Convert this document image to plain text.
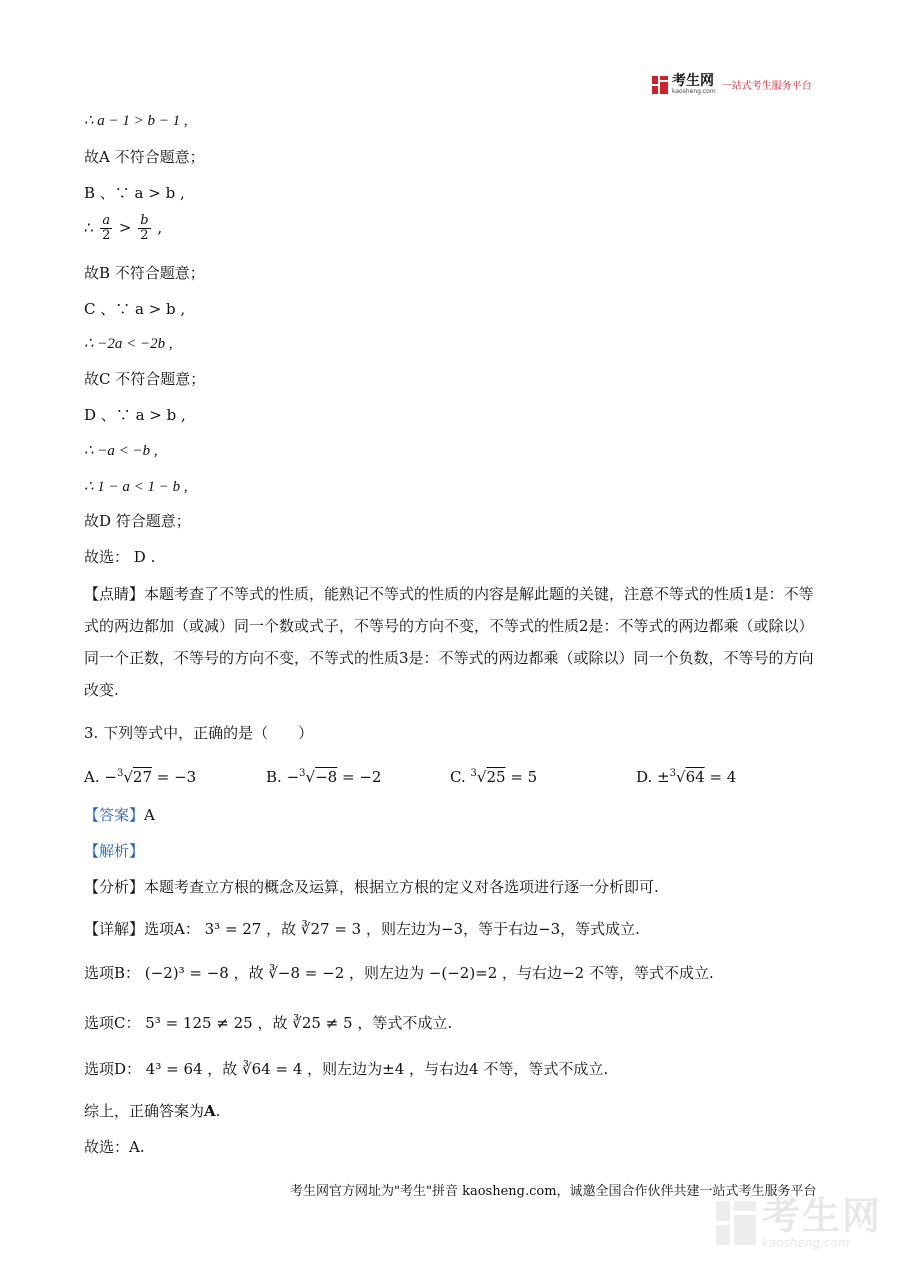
考生网
kaosheng.com 一站式考生服务平台
∴ a − 1 > b − 1 ,
故A 不符合题意；
B 、∵ a > b ,
∴ $\frac{a}{2} > \frac{b}{2}$ ,
故B 不符合题意；
C 、∵ a > b ,
∴ −2a < −2b ,
故C 不符合题意；
D 、∵ a > b ,
∴ −a < −b ,
∴ 1 − a < 1 − b ,
故D 符合题意；
故选： D .
【点睛】本题考查了不等式的性质，能熟记不等式的性质的内容是解此题的关键，注意不等式的性质1是：不等式的两边都加（或减）同一个数或式子，不等号的方向不变，不等式的性质2是：不等式的两边都乘（或除以）同一个正数，不等号的方向不变，不等式的性质3是：不等式的两边都乘（或除以）同一个负数，不等号的方向改变.
3. 下列等式中，正确的是（　　）
A. −$^3$√27 = −3	B. −$^3$√−8 = −2	C. $^3$√25 = 5	D. ±$^3$√64 = 4
【答案】A
【解析】
【分析】本题考查立方根的概念及运算，根据立方根的定义对各选项进行逐一分析即可.
【详解】选项A： 3³ = 27 ，故 ∛27 = 3 ，则左边为−3，等于右边−3，等式成立.
选项B： (−2)³ = −8 ，故 ∛−8 = −2 ，则左边为 −(−2)=2 ，与右边−2 不等，等式不成立.
选项C： 5³ = 125 ≠ 25 ，故 ∛25 ≠ 5 ，等式不成立.
选项D： 4³ = 64 ，故 ∛64 = 4 ，则左边为±4 ，与右边4 不等，等式不成立.
综上，正确答案为A.
故选：A.
考生网官方网址为"考生"拼音 kaosheng.com，诚邀全国合作伙伴共建一站式考生服务平台
考生网
kaosheng.com
